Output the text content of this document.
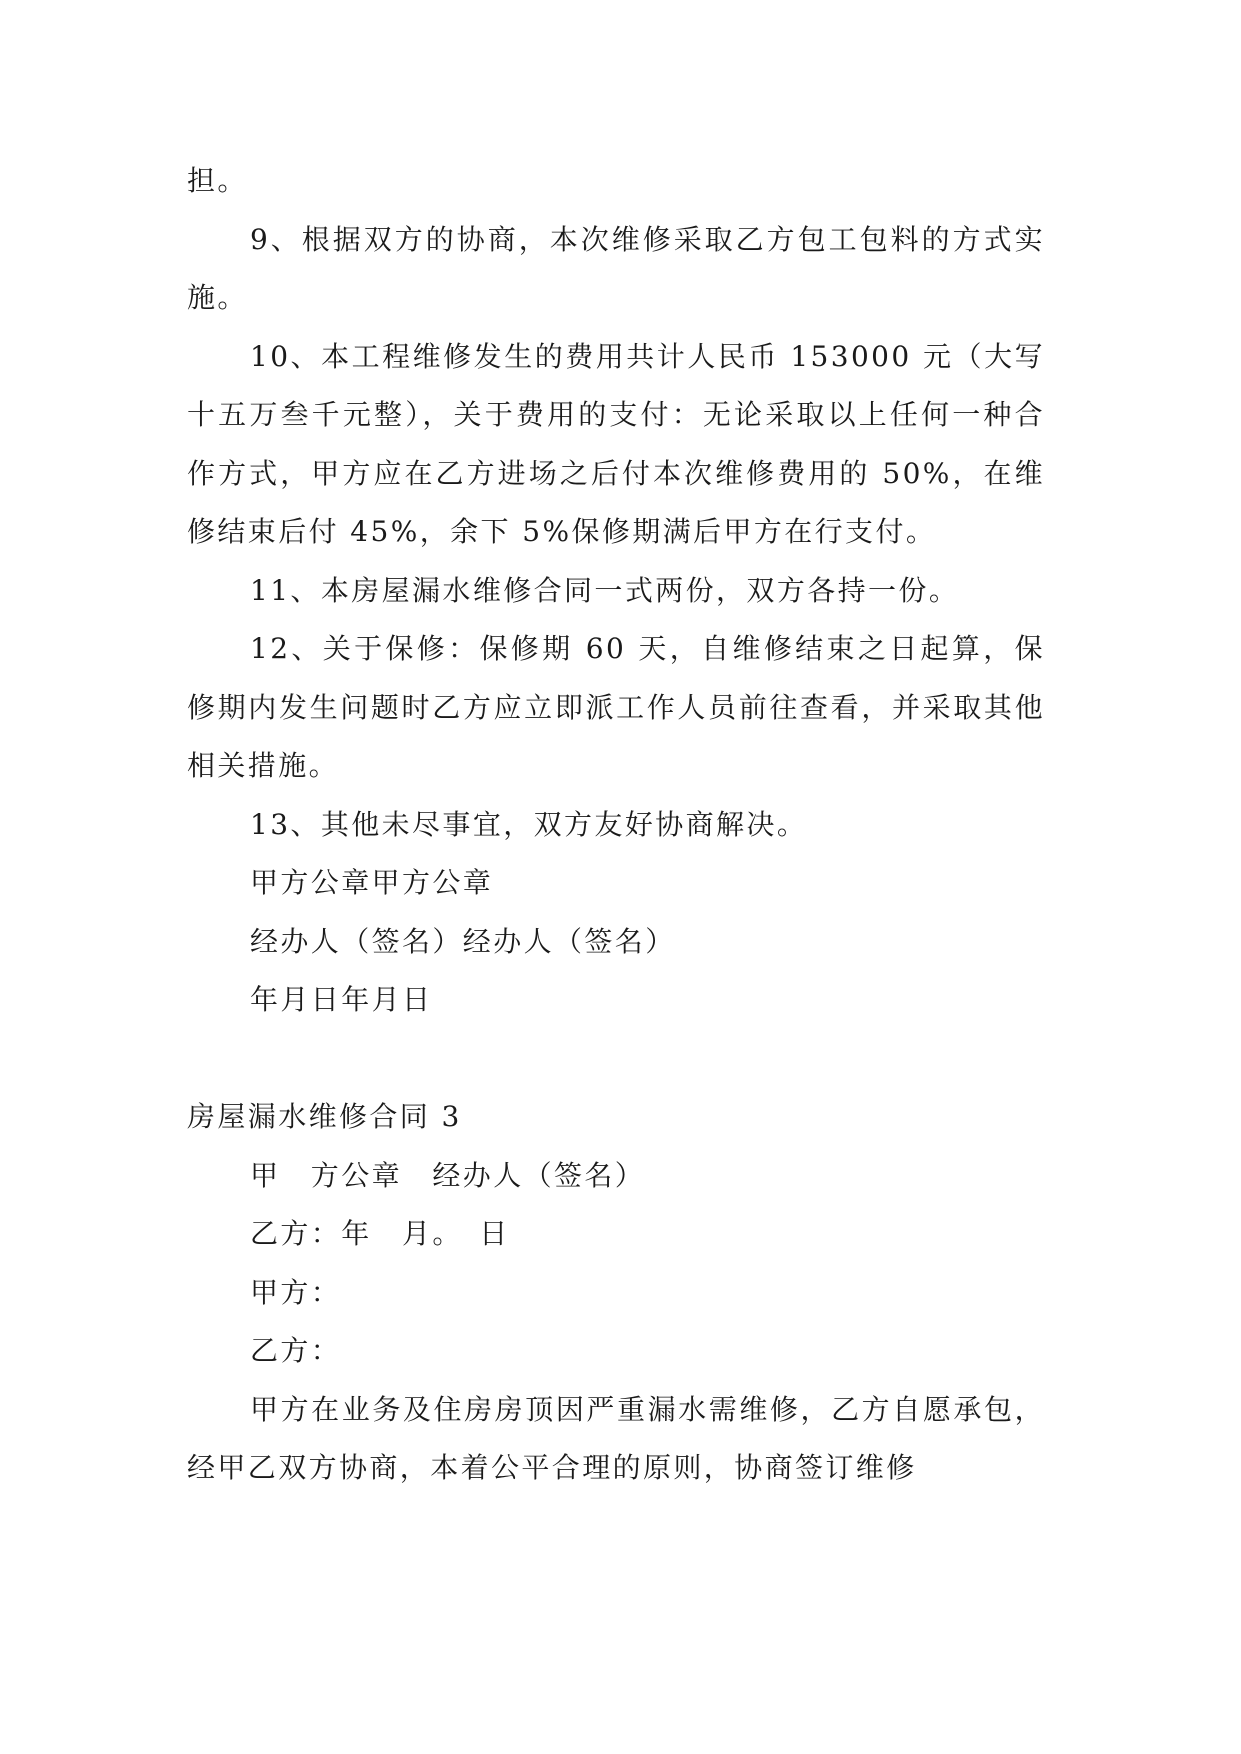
担。

9、根据双方的协商，本次维修采取乙方包工包料的方式实施。

10、本工程维修发生的费用共计人民币 153000 元（大写十五万叁千元整），关于费用的支付：无论采取以上任何一种合作方式，甲方应在乙方进场之后付本次维修费用的 50%，在维修结束后付 45%，余下 5%保修期满后甲方在行支付。

11、本房屋漏水维修合同一式两份，双方各持一份。

12、关于保修：保修期 60 天，自维修结束之日起算，保修期内发生问题时乙方应立即派工作人员前往查看，并采取其他相关措施。

13、其他未尽事宜，双方友好协商解决。

甲方公章甲方公章

经办人（签名）经办人（签名）

年月日年月日

房屋漏水维修合同 3

甲　方公章　经办人（签名）

乙方：年　月。　日

甲方：

乙方：

甲方在业务及住房房顶因严重漏水需维修，乙方自愿承包，经甲乙双方协商，本着公平合理的原则，协商签订维修
